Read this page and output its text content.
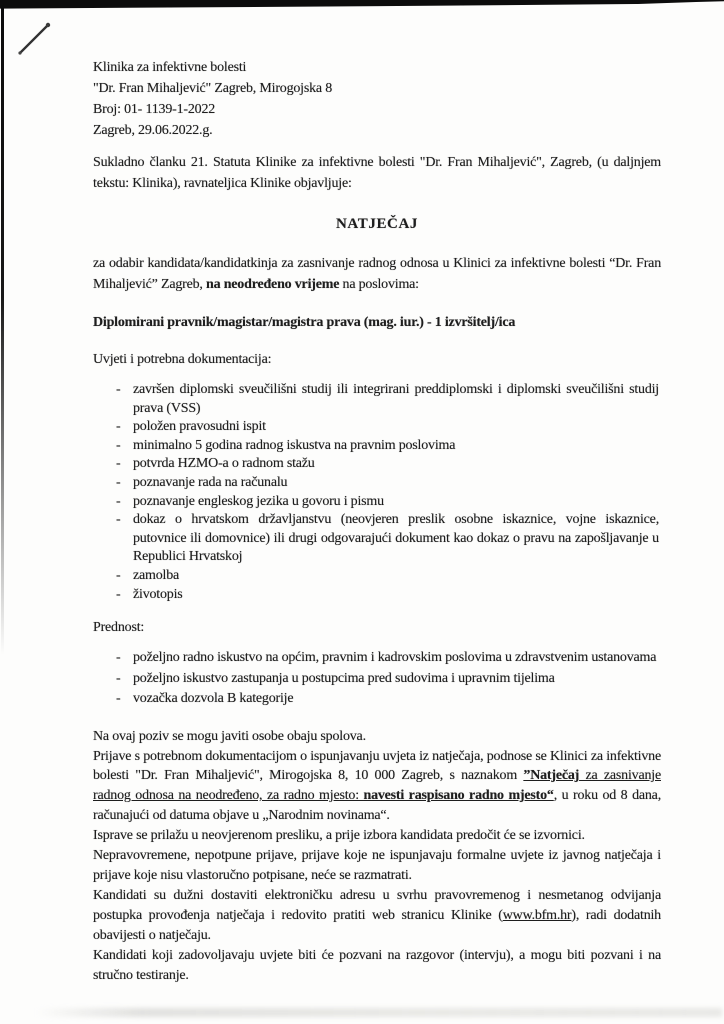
Klinika za infektivne bolesti
"Dr. Fran Mihaljević" Zagreb, Mirogojska 8
Broj: 01- 1139-1-2022
Zagreb, 29.06.2022.g.

Sukladno članku 21. Statuta Klinike za infektivne bolesti "Dr. Fran Mihaljević", Zagreb, (u daljnjem tekstu: Klinika), ravnateljica Klinike objavljuje:

NATJEČAJ

za odabir kandidata/kandidatkinja za zasnivanje radnog odnosa u Klinici za infektivne bolesti “Dr. Fran Mihaljević” Zagreb, na neodređeno vrijeme na poslovima:

Diplomirani pravnik/magistar/magistra prava (mag. iur.) - 1 izvršitelj/ica

Uvjeti i potrebna dokumentacija:

- završen diplomski sveučilišni studij ili integrirani preddiplomski i diplomski sveučilišni studij prava (VSS)
- položen pravosudni ispit
- minimalno 5 godina radnog iskustva na pravnim poslovima
- potvrda HZMO-a o radnom stažu
- poznavanje rada na računalu
- poznavanje engleskog jezika u govoru i pismu
- dokaz o hrvatskom državljanstvu (neovjeren preslik osobne iskaznice, vojne iskaznice, putovnice ili domovnice) ili drugi odgovarajući dokument kao dokaz o pravu na zapošljavanje u Republici Hrvatskoj
- zamolba
- životopis

Prednost:

- poželjno radno iskustvo na općim, pravnim i kadrovskim poslovima u zdravstvenim ustanovama
- poželjno iskustvo zastupanja u postupcima pred sudovima i upravnim tijelima
- vozačka dozvola B kategorije

Na ovaj poziv se mogu javiti osobe obaju spolova.

Prijave s potrebnom dokumentacijom o ispunjavanju uvjeta iz natječaja, podnose se Klinici za infektivne bolesti "Dr. Fran Mihaljević", Mirogojska 8, 10 000 Zagreb, s naznakom ”Natječaj za zasnivanje radnog odnosa na neodređeno, za radno mjesto: navesti raspisano radno mjesto“, u roku od 8 dana, računajući od datuma objave u „Narodnim novinama“.

Isprave se prilažu u neovjerenom presliku, a prije izbora kandidata predočit će se izvornici.

Nepravovremene, nepotpune prijave, prijave koje ne ispunjavaju formalne uvjete iz javnog natječaja i prijave koje nisu vlastoručno potpisane, neće se razmatrati.

Kandidati su dužni dostaviti elektroničku adresu u svrhu pravovremenog i nesmetanog odvijanja postupka provođenja natječaja i redovito pratiti web stranicu Klinike (www.bfm.hr), radi dodatnih obavijesti o natječaju.

Kandidati koji zadovoljavaju uvjete biti će pozvani na razgovor (intervju), a mogu biti pozvani i na stručno testiranje.
